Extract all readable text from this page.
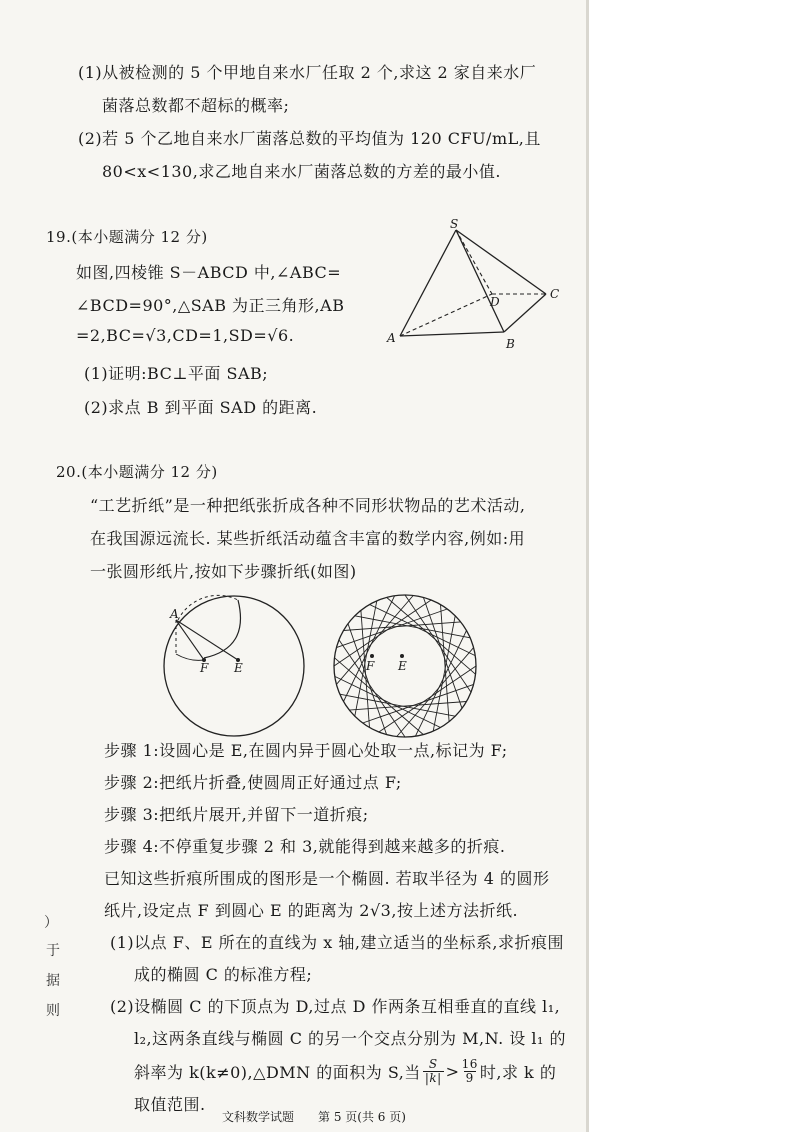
(1)从被检测的 5 个甲地自来水厂任取 2 个,求这 2 家自来水厂
菌落总数都不超标的概率;
(2)若 5 个乙地自来水厂菌落总数的平均值为 120 CFU/mL,且
80<x<130,求乙地自来水厂菌落总数的方差的最小值.
19.(本小题满分 12 分)
如图,四棱锥 S－ABCD 中,∠ABC=
∠BCD=90°,△SAB 为正三角形,AB
=2,BC=√3,CD=1,SD=√6.
(1)证明:BC⊥平面 SAB;
(2)求点 B 到平面 SAD 的距离.
S
A	B
C
D
20.(本小题满分 12 分)
“工艺折纸”是一种把纸张折成各种不同形状物品的艺术活动,
在我国源远流长. 某些折纸活动蕴含丰富的数学内容,例如:用
一张圆形纸片,按如下步骤折纸(如图)
A
F E	F E
步骤 1:设圆心是 E,在圆内异于圆心处取一点,标记为 F;
步骤 2:把纸片折叠,使圆周正好通过点 F;
步骤 3:把纸片展开,并留下一道折痕;
步骤 4:不停重复步骤 2 和 3,就能得到越来越多的折痕.
已知这些折痕所围成的图形是一个椭圆. 若取半径为 4 的圆形
纸片,设定点 F 到圆心 E 的距离为 2√3,按上述方法折纸.
(1)以点 F、E 所在的直线为 x 轴,建立适当的坐标系,求折痕围
成的椭圆 C 的标准方程;
(2)设椭圆 C 的下顶点为 D,过点 D 作两条互相垂直的直线 l₁,
l₂,这两条直线与椭圆 C 的另一个交点分别为 M,N. 设 l₁ 的
斜率为 k(k≠0),△DMN 的面积为 S,当 $\frac{S}{|k|} > \frac{16}{9}$ 时,求 k 的
取值范围.
）
于
据
则
文科数学试题 第 5 页(共 6 页)
